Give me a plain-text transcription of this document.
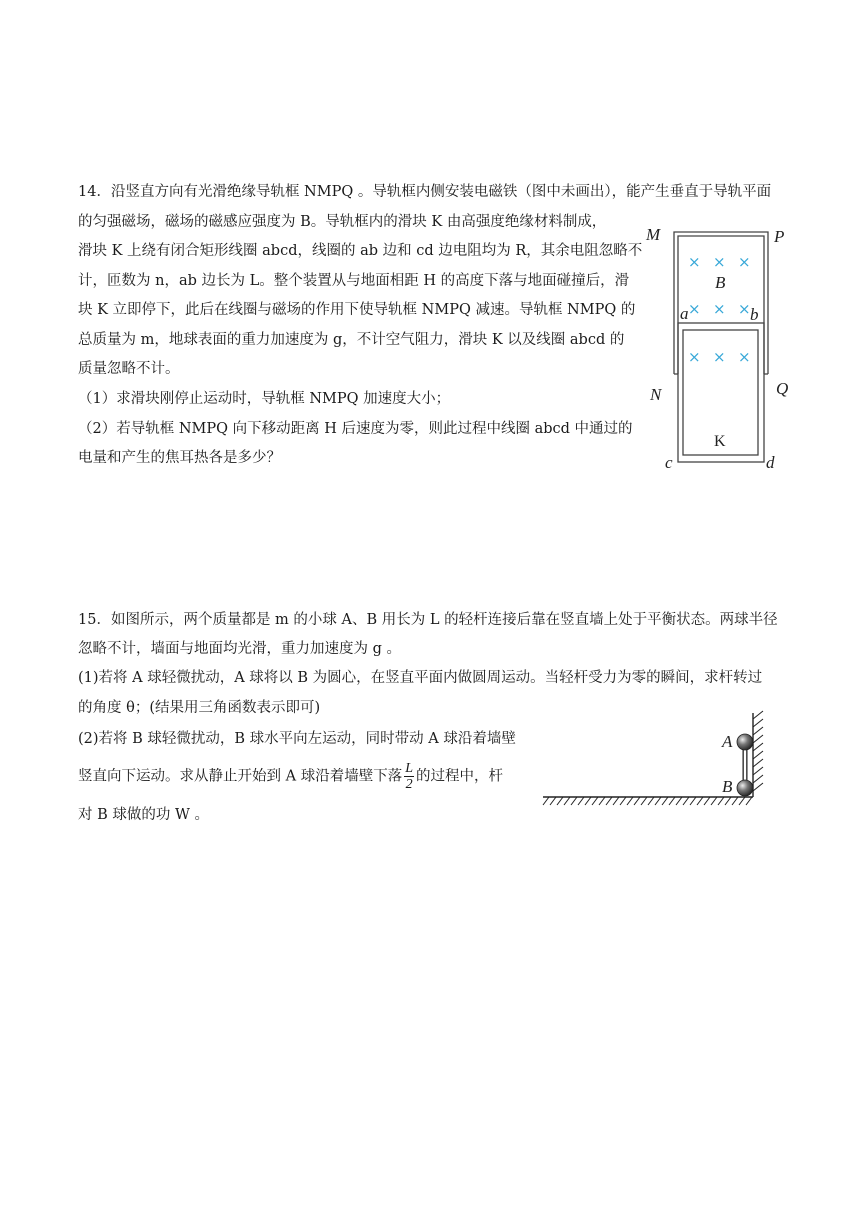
14．沿竖直方向有光滑绝缘导轨框 NMPQ 。导轨框内侧安装电磁铁（图中未画出），能产生垂直于导轨平面
的匀强磁场，磁场的磁感应强度为 B。导轨框内的滑块 K 由高强度绝缘材料制成，
滑块 K 上绕有闭合矩形线圈 abcd，线圈的 ab 边和 cd 边电阻均为 R，其余电阻忽略不
计，匝数为 n，ab 边长为 L。整个装置从与地面相距 H 的高度下落与地面碰撞后，滑
块 K 立即停下，此后在线圈与磁场的作用下使导轨框 NMPQ 减速。导轨框 NMPQ 的
总质量为 m，地球表面的重力加速度为 g，不计空气阻力，滑块 K 以及线圈 abcd 的
质量忽略不计。
（1）求滑块刚停止运动时，导轨框 NMPQ 加速度大小；
（2）若导轨框 NMPQ 向下移动距离 H 后速度为零，则此过程中线圈 abcd 中通过的
电量和产生的焦耳热各是多少？
M	P
N	Q
a	b
c	d
B
K
× × ×
× × ×
× × ×
15．如图所示，两个质量都是 m 的小球 A、B 用长为 L 的轻杆连接后靠在竖直墙上处于平衡状态。两球半径
忽略不计，墙面与地面均光滑，重力加速度为 g 。
(1)若将 A 球轻微扰动，A 球将以 B 为圆心，在竖直平面内做圆周运动。当轻杆受力为零的瞬间，求杆转过
的角度 θ；(结果用三角函数表示即可)
(2)若将 B 球轻微扰动，B 球水平向左运动，同时带动 A 球沿着墙壁
竖直向下运动。求从静止开始到 A 球沿着墙壁下落 $\frac{L}{2}$ 的过程中，杆
对 B 球做的功 W 。
A
B
